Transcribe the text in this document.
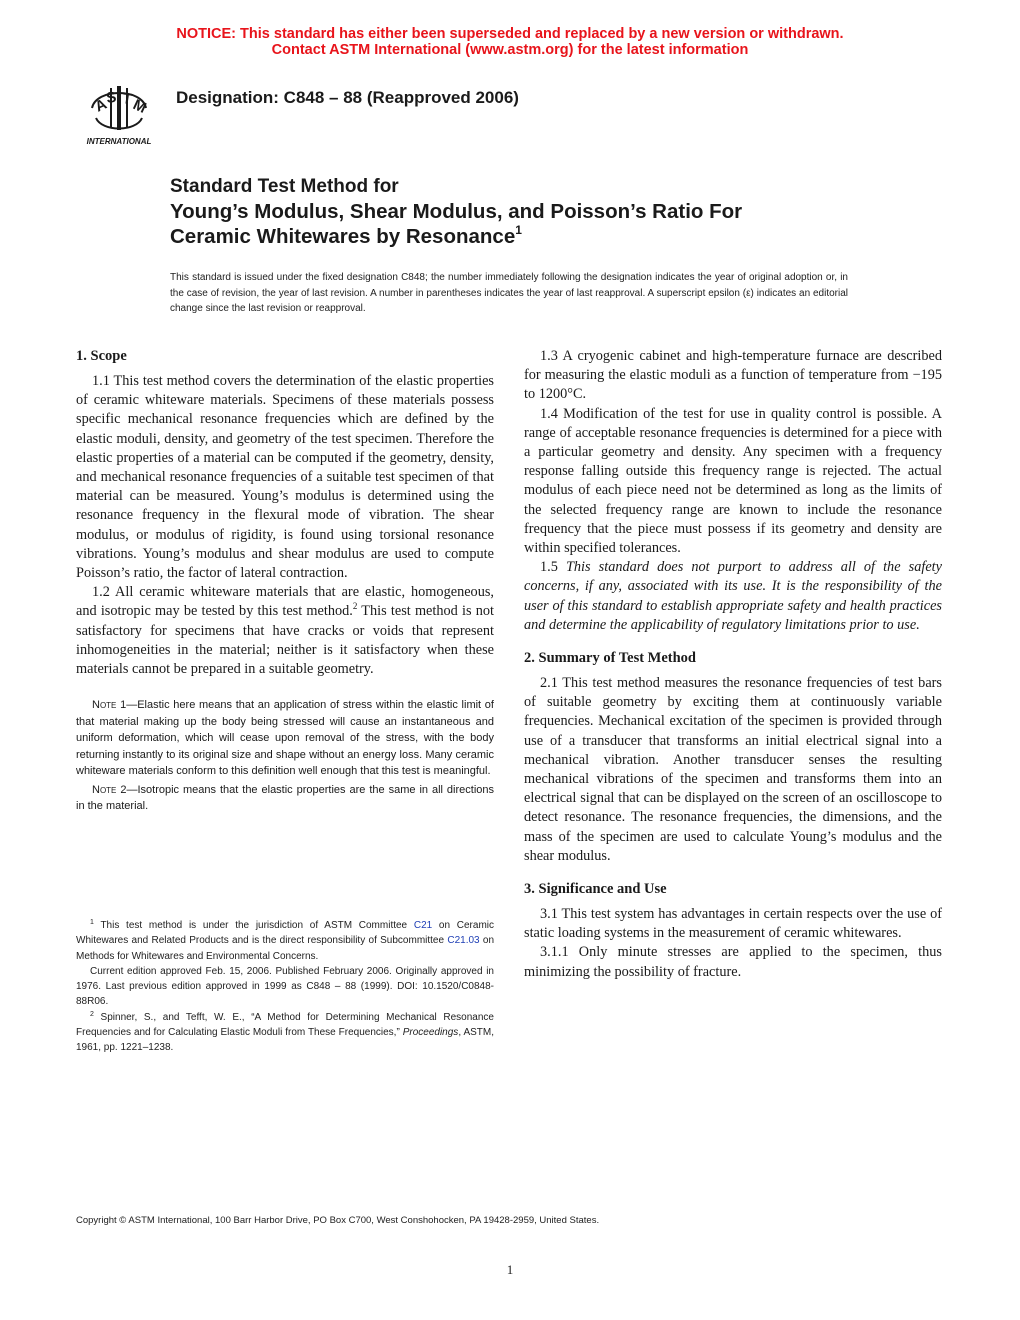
NOTICE: This standard has either been superseded and replaced by a new version or withdrawn.
Contact ASTM International (www.astm.org) for the latest information
A
S T
M
INTERNATIONAL
Designation: C848 – 88 (Reapproved 2006)
Standard Test Method for
Young’s Modulus, Shear Modulus, and Poisson’s Ratio For
Ceramic Whitewares by Resonance$^1$
This standard is issued under the fixed designation C848; the number immediately following the designation indicates the year of original adoption or, in the case of revision, the year of last revision. A number in parentheses indicates the year of last reapproval. A superscript epsilon (ε) indicates an editorial change since the last revision or reapproval.
1. Scope

1.1 This test method covers the determination of the elastic properties of ceramic whiteware materials. Specimens of these materials possess specific mechanical resonance frequencies which are defined by the elastic moduli, density, and geometry of the test specimen. Therefore the elastic properties of a material can be computed if the geometry, density, and mechanical resonance frequencies of a suitable test specimen of that material can be measured. Young’s modulus is determined using the resonance frequency in the flexural mode of vibration. The shear modulus, or modulus of rigidity, is found using torsional resonance vibrations. Young’s modulus and shear modulus are used to compute Poisson’s ratio, the factor of lateral contraction.

1.2 All ceramic whiteware materials that are elastic, homogeneous, and isotropic may be tested by this test method.$^2$ This test method is not satisfactory for specimens that have cracks or voids that represent inhomogeneities in the material; neither is it satisfactory when these materials cannot be prepared in a suitable geometry.

Note 1—Elastic here means that an application of stress within the elastic limit of that material making up the body being stressed will cause an instantaneous and uniform deformation, which will cease upon removal of the stress, with the body returning instantly to its original size and shape without an energy loss. Many ceramic whiteware materials conform to this definition well enough that this test is meaningful.

Note 2—Isotropic means that the elastic properties are the same in all directions in the material.

$^1$ This test method is under the jurisdiction of ASTM Committee C21 on Ceramic Whitewares and Related Products and is the direct responsibility of Subcommittee C21.03 on Methods for Whitewares and Environmental Concerns.

Current edition approved Feb. 15, 2006. Published February 2006. Originally approved in 1976. Last previous edition approved in 1999 as C848 – 88 (1999). DOI: 10.1520/C0848-88R06.

$^2$ Spinner, S., and Tefft, W. E., “A Method for Determining Mechanical Resonance Frequencies and for Calculating Elastic Moduli from These Frequencies,” Proceedings, ASTM, 1961, pp. 1221–1238.

1.3 A cryogenic cabinet and high-temperature furnace are described for measuring the elastic moduli as a function of temperature from −195 to 1200°C.

1.4 Modification of the test for use in quality control is possible. A range of acceptable resonance frequencies is determined for a piece with a particular geometry and density. Any specimen with a frequency response falling outside this frequency range is rejected. The actual modulus of each piece need not be determined as long as the limits of the selected frequency range are known to include the resonance frequency that the piece must possess if its geometry and density are within specified tolerances.

1.5 This standard does not purport to address all of the safety concerns, if any, associated with its use. It is the responsibility of the user of this standard to establish appropriate safety and health practices and determine the applicability of regulatory limitations prior to use.

2. Summary of Test Method

2.1 This test method measures the resonance frequencies of test bars of suitable geometry by exciting them at continuously variable frequencies. Mechanical excitation of the specimen is provided through use of a transducer that transforms an initial electrical signal into a mechanical vibration. Another transducer senses the resulting mechanical vibrations of the specimen and transforms them into an electrical signal that can be displayed on the screen of an oscilloscope to detect resonance. The resonance frequencies, the dimensions, and the mass of the specimen are used to calculate Young’s modulus and the shear modulus.

3. Significance and Use

3.1 This test system has advantages in certain respects over the use of static loading systems in the measurement of ceramic whitewares.

3.1.1 Only minute stresses are applied to the specimen, thus minimizing the possibility of fracture.

Copyright © ASTM International, 100 Barr Harbor Drive, PO Box C700, West Conshohocken, PA 19428-2959, United States.
1
